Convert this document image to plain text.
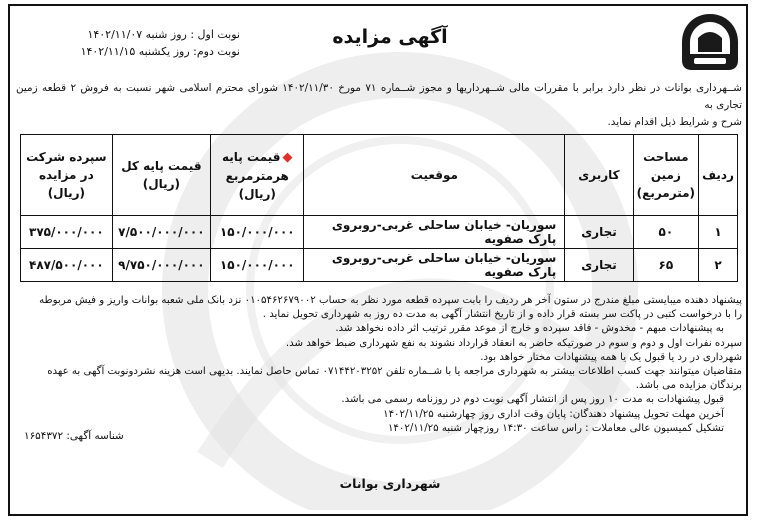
آگهی مزایده
نوبت اول : روز شنبه ۱۴۰۲/۱۱/۰۷
نوبت دوم: روز یکشنبه ۱۴۰۲/۱۱/۱۵
شــهرداری بوانات در نظر دارد برابر با مقررات مالی شــهرداریها و مجوز شــماره ۷۱ مورخ ۱۴۰۲/۱۱/۳۰ شورای محترم اسلامی شهر نسبت به فروش ۲ قطعه زمین تجاری به
شرح و شرایط ذیل اقدام نماید.
ردیف	مساحت زمین (مترمربع)	کاربری	موقعیت	◆قیمت پایه هرمترمربع (ریال)	قیمت پایه کل (ریال)	سپرده شرکت در مزایده (ریال)
۱	۵۰	تجاری	سوریان- خیابان ساحلی غربی-روبروی پارک صفویه	۱۵۰/۰۰۰/۰۰۰	۷/۵۰۰/۰۰۰/۰۰۰	۳۷۵/۰۰۰/۰۰۰
۲	۶۵	تجاری	سوریان- خیابان ساحلی غربی-روبروی پارک صفویه	۱۵۰/۰۰۰/۰۰۰	۹/۷۵۰/۰۰۰/۰۰۰	۴۸۷/۵۰۰/۰۰۰

پیشنهاد دهنده میبایستی مبلغ مندرج در ستون آخر هر ردیف را بابت سپرده قطعه مورد نظر به حساب ۰۱۰۵۴۶۲۶۷۹۰۰۲ نزد بانک ملی شعبه بوانات واریز و فیش مربوطه

را با درخواست کتبی در پاکت سر بسته قرار داده و از تاریخ انتشار آگهی به مدت ده روز به شهرداری تحویل نماید .

به پیشنهادات مبهم - مخدوش - فاقد سپرده و خارج از موعد مقرر ترتیب اثر داده نخواهد شد.

سپرده نفرات اول و دوم و سوم در صورتیکه حاضر به انعقاد قرارداد نشوند به نفع شهرداری ضبط خواهد شد.

شهرداری در رد یا قبول یک یا همه پیشنهادات مختار خواهد بود.

متقاضیان میتوانند جهت کسب اطلاعات بیشتر به شهرداری مراجعه یا با شــماره تلفن ۰۷۱۴۴۲۰۳۲۵۲ تماس حاصل نمایند. بدیهی است هزینه نشردونوبت آگهی به عهده

برندگان مزایده می باشد.

قبول پیشنهادات به مدت ۱۰ روز پس از انتشار آگهی نوبت دوم در روزنامه رسمی می باشد.

آخرین مهلت تحویل پیشنهاد دهندگان: پایان وقت اداری روز چهارشنبه ۱۴۰۲/۱۱/۲۵

تشکیل کمیسیون عالی معاملات : راس ساعت ۱۴:۳۰ روزچهار شنبه ۱۴۰۲/۱۱/۲۵

شناسه آگهی: ۱۶۵۴۳۷۲
شهرداری بوانات
